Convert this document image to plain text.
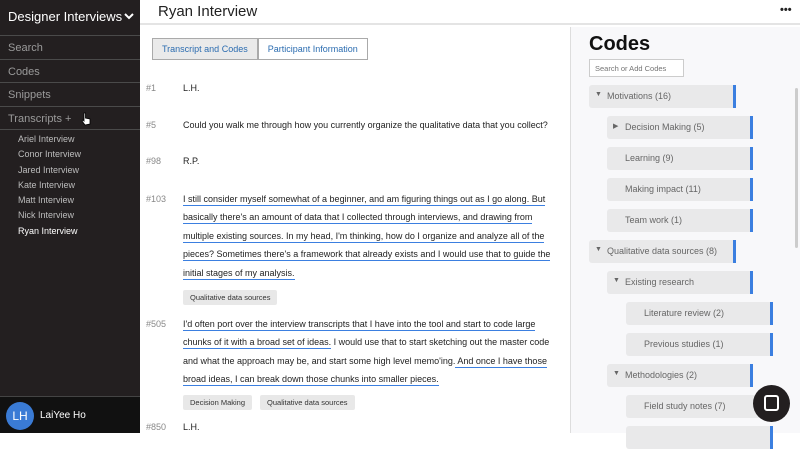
Designer Interviews
Search
Codes
Snippets
Transcripts +
Ariel Interview
Conor Interview
Jared Interview
Kate Interview
Matt Interview
Nick Interview
Ryan Interview
LH	LaiYee Ho
Ryan Interview	•••
Transcript and Codes	Participant Information
#1	L.H.
#5	Could you walk me through how you currently organize the qualitative data that you collect?
#98 R.P.
#103 I still consider myself somewhat of a beginner, and am figuring things out as I go along. But basically there's an amount of data that I collected through interviews, and drawing from multiple existing sources. In my head, I'm thinking, how do I organize and analyze all of the pieces? Sometimes there's a framework that already exists and I would use that to guide the initial stages of my analysis.
Qualitative data sources
#505 I'd often port over the interview transcripts that I have into the tool and start to code large chunks of it with a broad set of ideas. I would use that to start sketching out the master code and what the approach may be, and start some high level memo'ing. And once I have those broad ideas, I can break down those chunks into smaller pieces.
Decision Making	Qualitative data sources
#850 L.H.
Codes
Search or Add Codes
▼ Motivations (16)
▶ Decision Making (5)
Learning (9)
Making impact (11)
Team work (1)
▼ Qualitative data sources (8)
▼ Existing research
Literature review (2)
Previous studies (1)
▼ Methodologies (2)
Field study notes (7)
